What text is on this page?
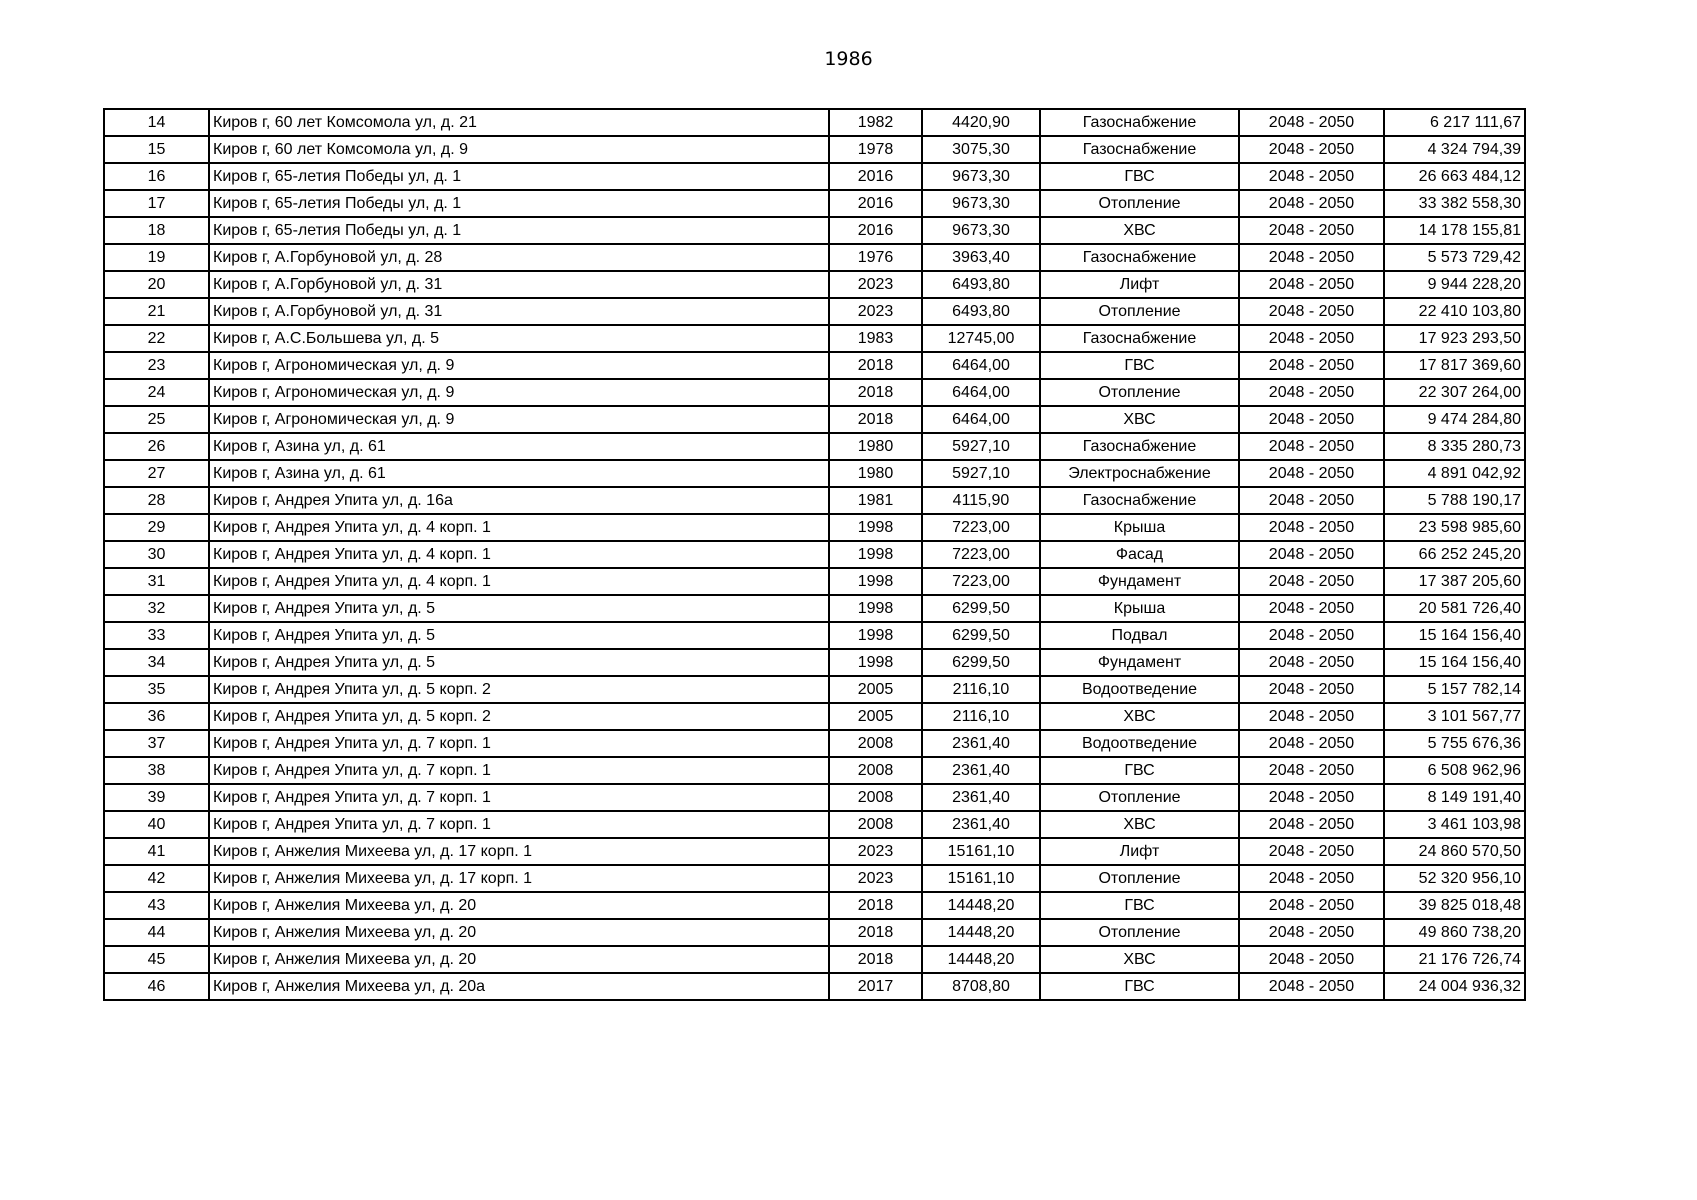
1986
14	Киров г, 60 лет Комсомола ул, д. 21	1982	4420,90	Газоснабжение	2048 - 2050	6 217 111,67
15	Киров г, 60 лет Комсомола ул, д. 9	1978	3075,30	Газоснабжение	2048 - 2050	4 324 794,39
16	Киров г, 65-летия Победы ул, д. 1	2016	9673,30	ГВС	2048 - 2050	26 663 484,12
17	Киров г, 65-летия Победы ул, д. 1	2016	9673,30	Отопление	2048 - 2050	33 382 558,30
18	Киров г, 65-летия Победы ул, д. 1	2016	9673,30	ХВС	2048 - 2050	14 178 155,81
19	Киров г, А.Горбуновой ул, д. 28	1976	3963,40	Газоснабжение	2048 - 2050	5 573 729,42
20	Киров г, А.Горбуновой ул, д. 31	2023	6493,80	Лифт	2048 - 2050	9 944 228,20
21	Киров г, А.Горбуновой ул, д. 31	2023	6493,80	Отопление	2048 - 2050	22 410 103,80
22	Киров г, А.С.Большева ул, д. 5	1983	12745,00	Газоснабжение	2048 - 2050	17 923 293,50
23	Киров г, Агрономическая ул, д. 9	2018	6464,00	ГВС	2048 - 2050	17 817 369,60
24	Киров г, Агрономическая ул, д. 9	2018	6464,00	Отопление	2048 - 2050	22 307 264,00
25	Киров г, Агрономическая ул, д. 9	2018	6464,00	ХВС	2048 - 2050	9 474 284,80
26	Киров г, Азина ул, д. 61	1980	5927,10	Газоснабжение	2048 - 2050	8 335 280,73
27	Киров г, Азина ул, д. 61	1980	5927,10	Электроснабжение	2048 - 2050	4 891 042,92
28	Киров г, Андрея Упита ул, д. 16а	1981	4115,90	Газоснабжение	2048 - 2050	5 788 190,17
29	Киров г, Андрея Упита ул, д. 4 корп. 1	1998	7223,00	Крыша	2048 - 2050	23 598 985,60
30	Киров г, Андрея Упита ул, д. 4 корп. 1	1998	7223,00	Фасад	2048 - 2050	66 252 245,20
31	Киров г, Андрея Упита ул, д. 4 корп. 1	1998	7223,00	Фундамент	2048 - 2050	17 387 205,60
32	Киров г, Андрея Упита ул, д. 5	1998	6299,50	Крыша	2048 - 2050	20 581 726,40
33	Киров г, Андрея Упита ул, д. 5	1998	6299,50	Подвал	2048 - 2050	15 164 156,40
34	Киров г, Андрея Упита ул, д. 5	1998	6299,50	Фундамент	2048 - 2050	15 164 156,40
35	Киров г, Андрея Упита ул, д. 5 корп. 2	2005	2116,10	Водоотведение	2048 - 2050	5 157 782,14
36	Киров г, Андрея Упита ул, д. 5 корп. 2	2005	2116,10	ХВС	2048 - 2050	3 101 567,77
37	Киров г, Андрея Упита ул, д. 7 корп. 1	2008	2361,40	Водоотведение	2048 - 2050	5 755 676,36
38	Киров г, Андрея Упита ул, д. 7 корп. 1	2008	2361,40	ГВС	2048 - 2050	6 508 962,96
39	Киров г, Андрея Упита ул, д. 7 корп. 1	2008	2361,40	Отопление	2048 - 2050	8 149 191,40
40	Киров г, Андрея Упита ул, д. 7 корп. 1	2008	2361,40	ХВС	2048 - 2050	3 461 103,98
41	Киров г, Анжелия Михеева ул, д. 17 корп. 1	2023	15161,10	Лифт	2048 - 2050	24 860 570,50
42	Киров г, Анжелия Михеева ул, д. 17 корп. 1	2023	15161,10	Отопление	2048 - 2050	52 320 956,10
43	Киров г, Анжелия Михеева ул, д. 20	2018	14448,20	ГВС	2048 - 2050	39 825 018,48
44	Киров г, Анжелия Михеева ул, д. 20	2018	14448,20	Отопление	2048 - 2050	49 860 738,20
45	Киров г, Анжелия Михеева ул, д. 20	2018	14448,20	ХВС	2048 - 2050	21 176 726,74
46	Киров г, Анжелия Михеева ул, д. 20а	2017	8708,80	ГВС	2048 - 2050	24 004 936,32
